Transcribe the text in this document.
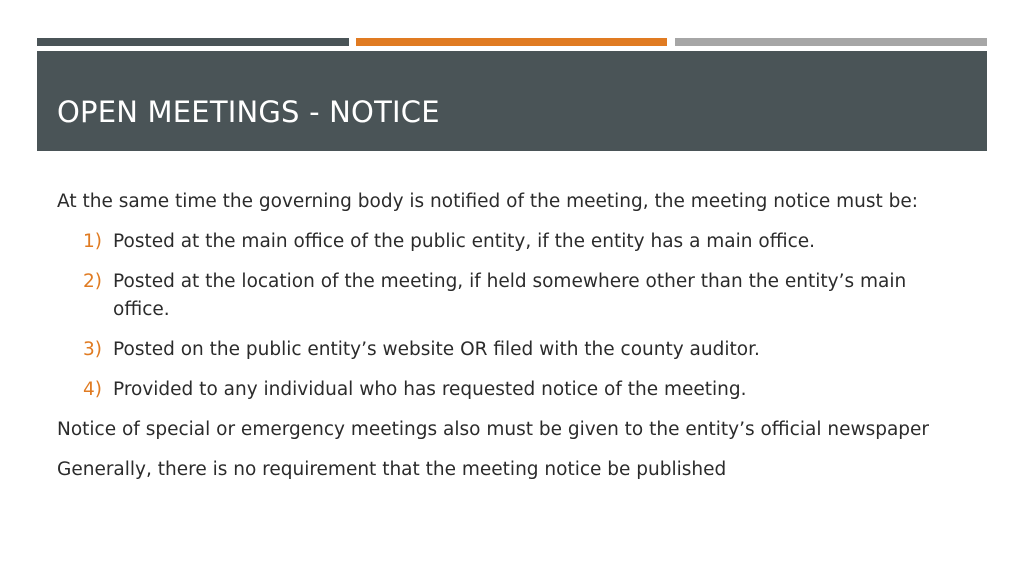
OPEN MEETINGS - NOTICE

At the same time the governing body is notified of the meeting, the meeting notice must be:

1) Posted at the main office of the public entity, if the entity has a main office.
2) Posted at the location of the meeting, if held somewhere other than the entity’s main office.
3) Posted on the public entity’s website OR filed with the county auditor.
4) Provided to any individual who has requested notice of the meeting.

Notice of special or emergency meetings also must be given to the entity’s official newspaper

Generally, there is no requirement that the meeting notice be published
